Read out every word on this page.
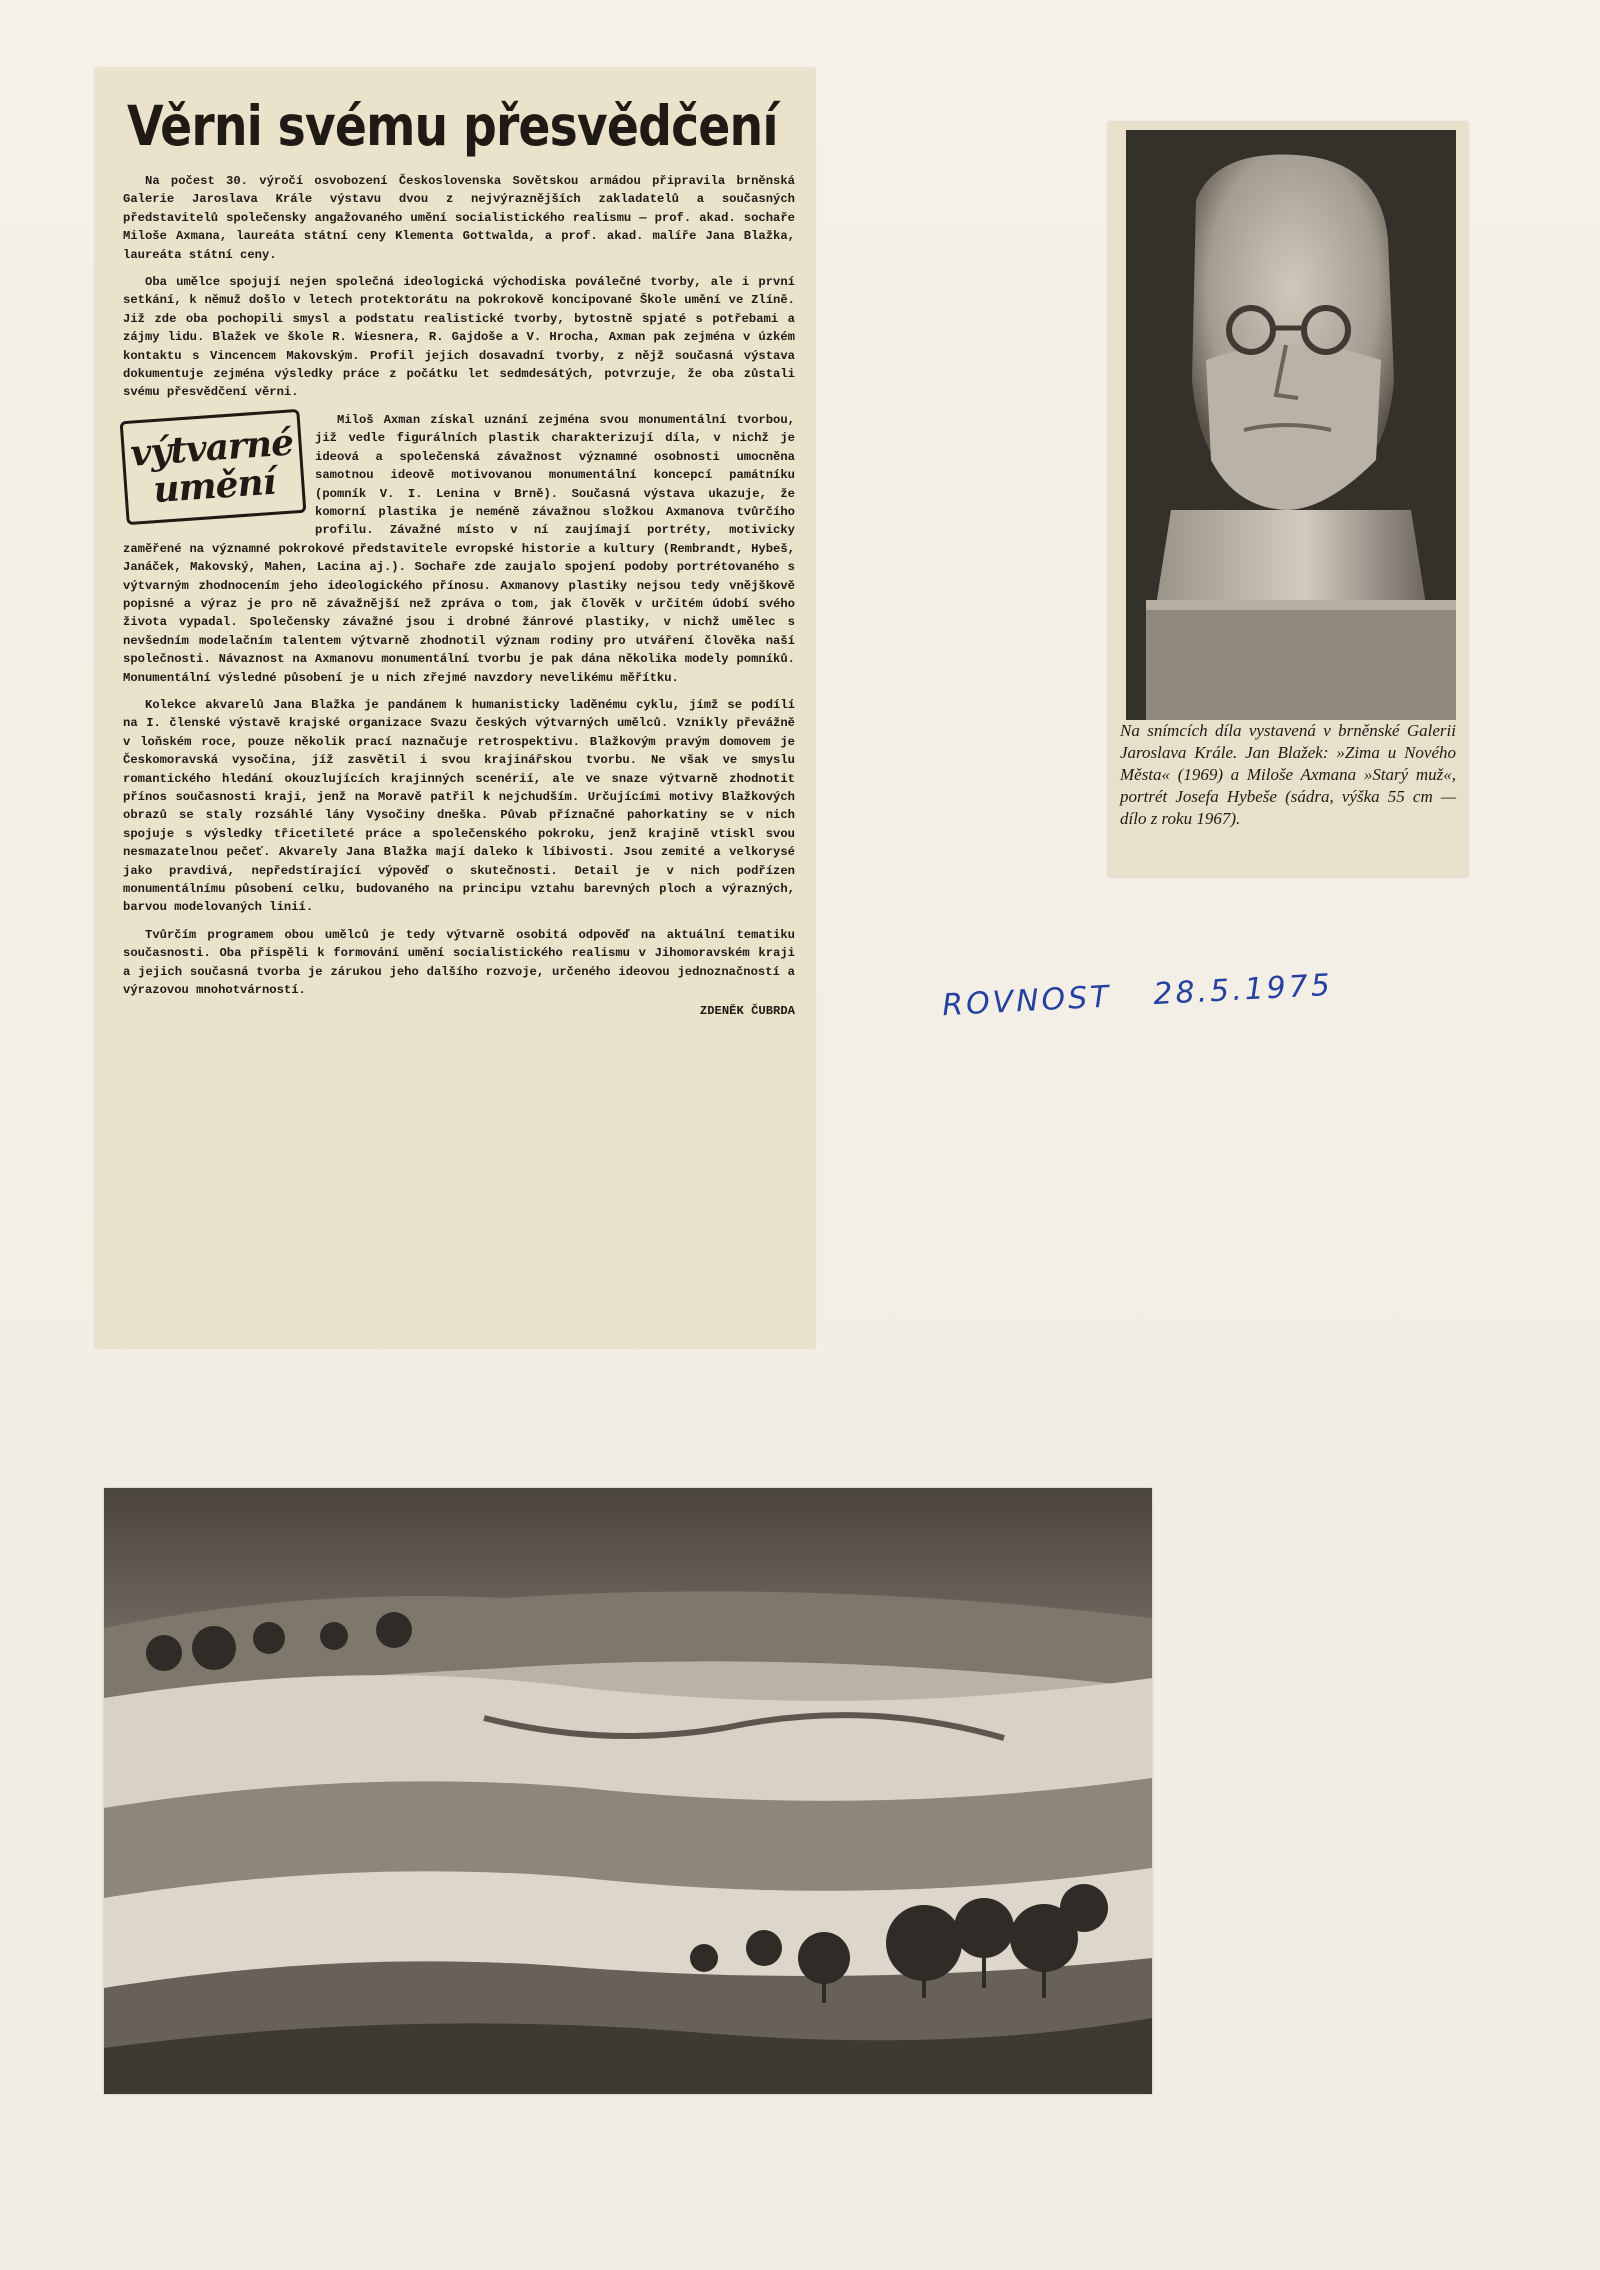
Věrni svému přesvědčení

Na počest 30. výročí osvobození Československa Sovětskou armádou připravila brněnská Galerie Jaroslava Krále výstavu dvou z nejvýraznějších zakladatelů a současných představitelů společensky angažovaného umění socialistického realismu — prof. akad. sochaře Miloše Axmana, laureáta státní ceny Klementa Gottwalda, a prof. akad. malíře Jana Blažka, laureáta státní ceny.

Oba umělce spojují nejen společná ideologická východiska poválečné tvorby, ale i první setkání, k němuž došlo v letech protektorátu na pokrokově koncipované Škole umění ve Zlíně. Již zde oba pochopili smysl a podstatu realistické tvorby, bytostně spjaté s potřebami a zájmy lidu. Blažek ve škole R. Wiesnera, R. Gajdoše a V. Hrocha, Axman pak zejména v úzkém kontaktu s Vincencem Makovským. Profil jejich dosavadní tvorby, z nějž současná výstava dokumentuje zejména výsledky práce z počátku let sedmdesátých, potvrzuje, že oba zůstali svému přesvědčení věrni.

výtvarné
umění

Miloš Axman získal uznání zejména svou monumentální tvorbou, již vedle figurálních plastik charakterizují díla, v nichž je ideová a společenská závažnost významné osobnosti umocněna samotnou ideově motivovanou monumentální koncepcí památníku (pomník V. I. Lenina v Brně). Současná výstava ukazuje, že komorní plastika je neméně závažnou složkou Axmanova tvůrčího profilu. Závažné místo v ní zaujímají portréty, motivicky zaměřené na významné pokrokové představitele evropské historie a kultury (Rembrandt, Hybeš, Janáček, Makovský, Mahen, Lacina aj.). Sochaře zde zaujalo spojení podoby portrétovaného s výtvarným zhodnocením jeho ideologického přínosu. Axmanovy plastiky nejsou tedy vnějškově popisné a výraz je pro ně závažnější než zpráva o tom, jak člověk v určitém údobí svého života vypadal. Společensky závažné jsou i drobné žánrové plastiky, v nichž umělec s nevšedním modelačním talentem výtvarně zhodnotil význam rodiny pro utváření člověka naší společnosti. Návaznost na Axmanovu monumentální tvorbu je pak dána několika modely pomníků. Monumentální výsledné působení je u nich zřejmé navzdory nevelikému měřítku.

Kolekce akvarelů Jana Blažka je pandánem k humanisticky laděnému cyklu, jímž se podílí na I. členské výstavě krajské organizace Svazu českých výtvarných umělců. Vznikly převážně v loňském roce, pouze několik prací naznačuje retrospektivu. Blažkovým pravým domovem je Českomoravská vysočina, jíž zasvětil i svou krajinářskou tvorbu. Ne však ve smyslu romantického hledání okouzlujících krajinných scenérií, ale ve snaze výtvarně zhodnotit přínos současnosti kraji, jenž na Moravě patřil k nejchudším. Určujícími motivy Blažkových obrazů se staly rozsáhlé lány Vysočiny dneška. Půvab příznačné pahorkatiny se v nich spojuje s výsledky třicetileté práce a společenského pokroku, jenž krajině vtiskl svou nesmazatelnou pečeť. Akvarely Jana Blažka mají daleko k líbivosti. Jsou zemité a velkorysé jako pravdivá, nepředstírající výpověď o skutečnosti. Detail je v nich podřízen monumentálnímu působení celku, budovaného na principu vztahu barevných ploch a výrazných, barvou modelovaných linií.

Tvůrčím programem obou umělců je tedy výtvarně osobitá odpověď na aktuální tematiku současnosti. Oba přispěli k formování umění socialistického realismu v Jihomoravském kraji a jejich současná tvorba je zárukou jeho dalšího rozvoje, určeného ideovou jednoznačností a výrazovou mnohotvárností.

ZDENĚK ČUBRDA
Na snímcích díla vystavená v brněnské Galerii Jaroslava Krále. Jan Blažek: »Zima u Nového Města« (1969) a Miloše Axmana »Starý muž«, portrét Josefa Hybeše (sádra, výška 55 cm — dílo z roku 1967).
ROVNOST 28.5.1975
